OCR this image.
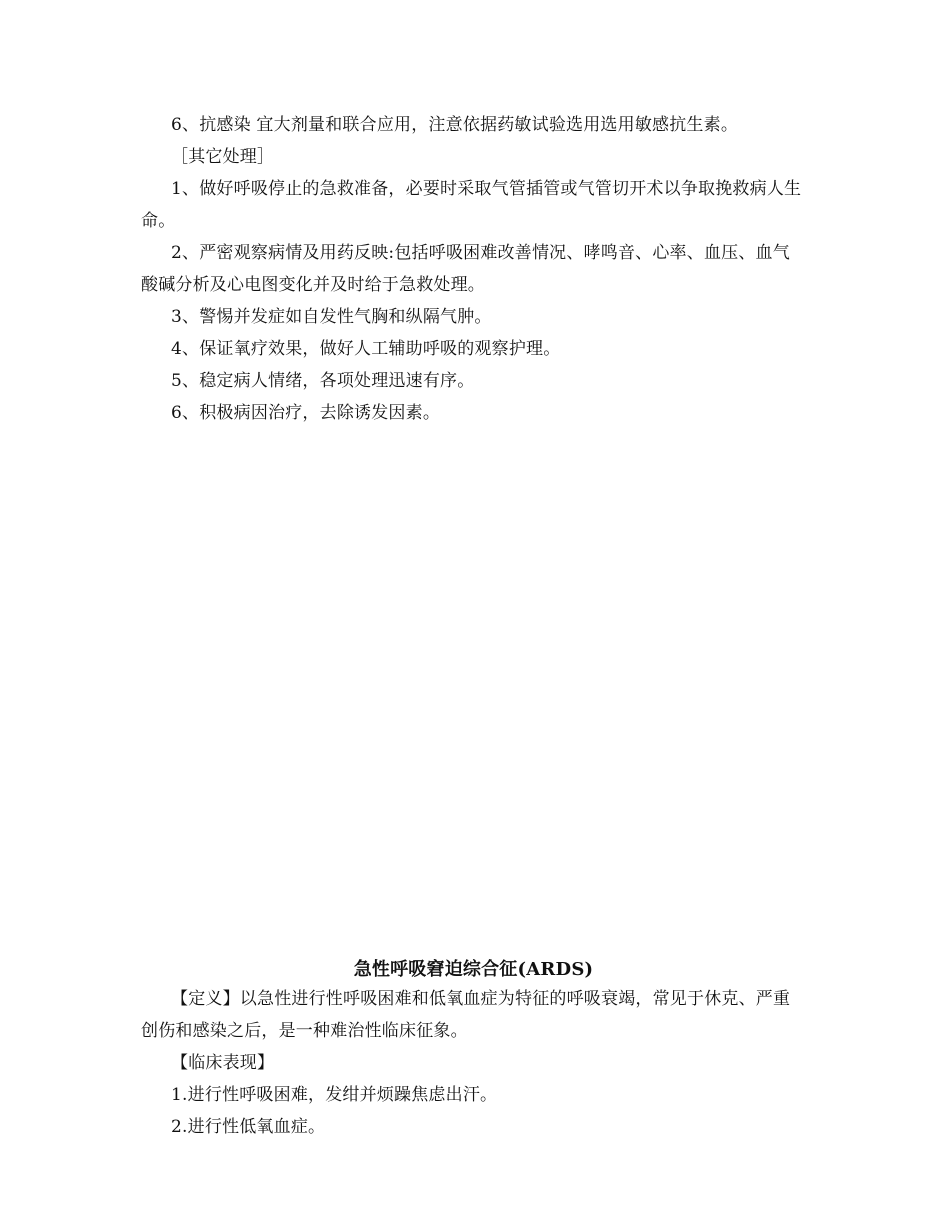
6、抗感染 宜大剂量和联合应用，注意依据药敏试验选用选用敏感抗生素。

［其它处理］

1、做好呼吸停止的急救准备，必要时采取气管插管或气管切开术以争取挽救病人生命。

2、严密观察病情及用药反映:包括呼吸困难改善情况、哮鸣音、心率、血压、血气酸碱分析及心电图变化并及时给于急救处理。

3、警惕并发症如自发性气胸和纵隔气肿。

4、保证氧疗效果，做好人工辅助呼吸的观察护理。

5、稳定病人情绪，各项处理迅速有序。

6、积极病因治疗，去除诱发因素。

急性呼吸窘迫综合征(ARDS)

【定义】以急性进行性呼吸困难和低氧血症为特征的呼吸衰竭，常见于休克、严重创伤和感染之后，是一种难治性临床征象。

【临床表现】

1.进行性呼吸困难，发绀并烦躁焦虑出汗。

2.进行性低氧血症。
